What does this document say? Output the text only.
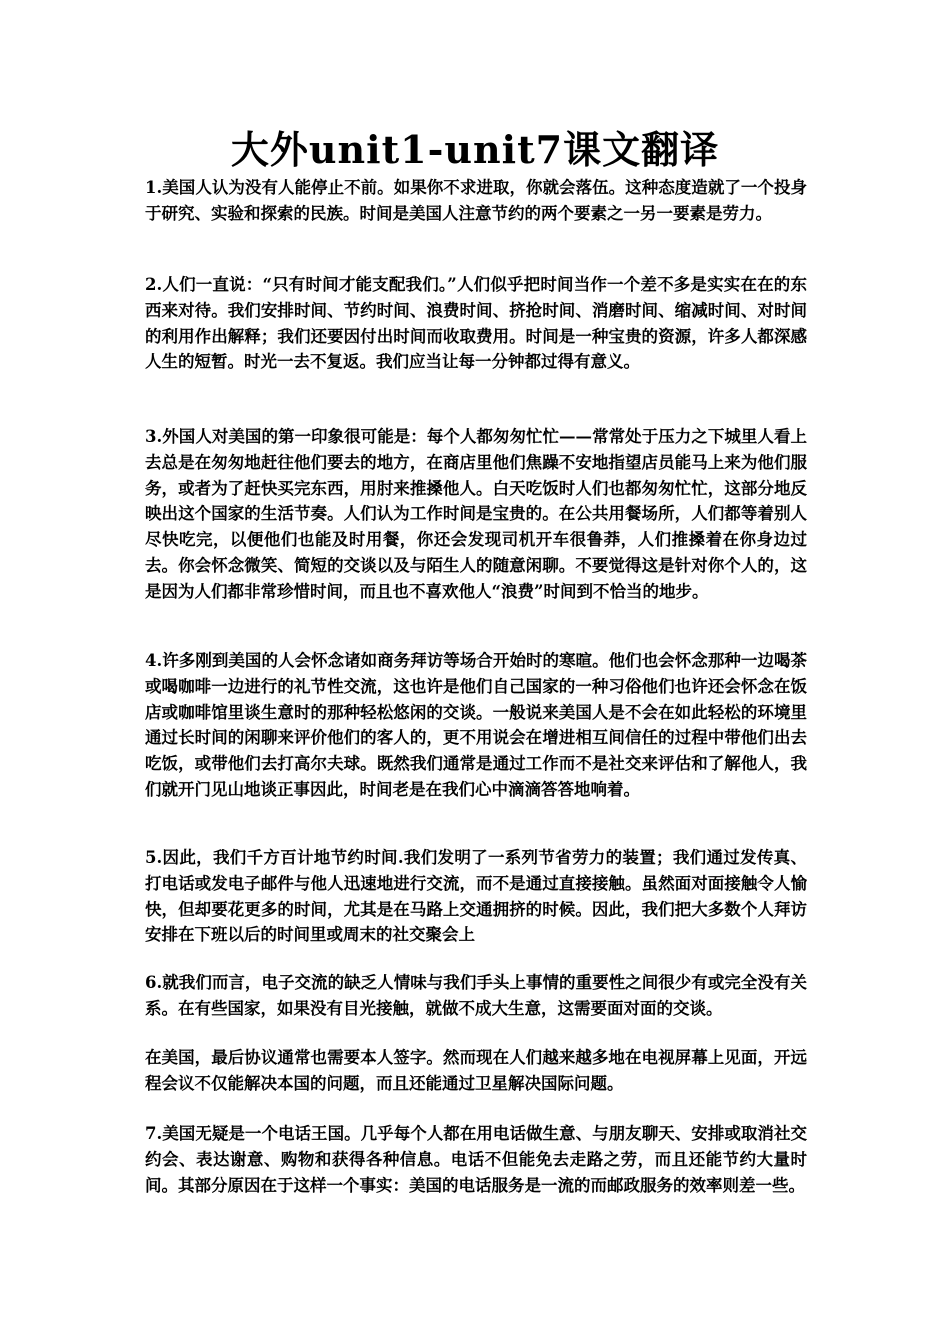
大外unit1-unit7课文翻译

1.美国人认为没有人能停止不前。如果你不求进取，你就会落伍。这种态度造就了一个投身于研究、实验和探索的民族。时间是美国人注意节约的两个要素之一另一要素是劳力。

2.人们一直说：“只有时间才能支配我们。”人们似乎把时间当作一个差不多是实实在在的东西来对待。我们安排时间、节约时间、浪费时间、挤抢时间、消磨时间、缩减时间、对时间的利用作出解释；我们还要因付出时间而收取费用。时间是一种宝贵的资源，许多人都深感人生的短暂。时光一去不复返。我们应当让每一分钟都过得有意义。

3.外国人对美国的第一印象很可能是：每个人都匆匆忙忙——常常处于压力之下城里人看上去总是在匆匆地赶往他们要去的地方，在商店里他们焦躁不安地指望店员能马上来为他们服务，或者为了赶快买完东西，用肘来推搡他人。白天吃饭时人们也都匆匆忙忙，这部分地反映出这个国家的生活节奏。人们认为工作时间是宝贵的。在公共用餐场所，人们都等着别人尽快吃完，以便他们也能及时用餐，你还会发现司机开车很鲁莽，人们推搡着在你身边过去。你会怀念微笑、简短的交谈以及与陌生人的随意闲聊。不要觉得这是针对你个人的，这是因为人们都非常珍惜时间，而且也不喜欢他人“浪费”时间到不恰当的地步。

4.许多刚到美国的人会怀念诸如商务拜访等场合开始时的寒暄。他们也会怀念那种一边喝茶或喝咖啡一边进行的礼节性交流，这也许是他们自己国家的一种习俗他们也许还会怀念在饭店或咖啡馆里谈生意时的那种轻松悠闲的交谈。一般说来美国人是不会在如此轻松的环境里通过长时间的闲聊来评价他们的客人的，更不用说会在增进相互间信任的过程中带他们出去吃饭，或带他们去打高尔夫球。既然我们通常是通过工作而不是社交来评估和了解他人，我们就开门见山地谈正事因此，时间老是在我们心中滴滴答答地响着。

5.因此，我们千方百计地节约时间.我们发明了一系列节省劳力的装置；我们通过发传真、打电话或发电子邮件与他人迅速地进行交流，而不是通过直接接触。虽然面对面接触令人愉快，但却要花更多的时间，尤其是在马路上交通拥挤的时候。因此，我们把大多数个人拜访安排在下班以后的时间里或周末的社交聚会上

6.就我们而言，电子交流的缺乏人情味与我们手头上事情的重要性之间很少有或完全没有关系。在有些国家，如果没有目光接触，就做不成大生意，这需要面对面的交谈。

在美国，最后协议通常也需要本人签字。然而现在人们越来越多地在电视屏幕上见面，开远程会议不仅能解决本国的问题，而且还能通过卫星解决国际问题。

7.美国无疑是一个电话王国。几乎每个人都在用电话做生意、与朋友聊天、安排或取消社交约会、表达谢意、购物和获得各种信息。电话不但能免去走路之劳，而且还能节约大量时间。其部分原因在于这样一个事实：美国的电话服务是一流的而邮政服务的效率则差一些。
